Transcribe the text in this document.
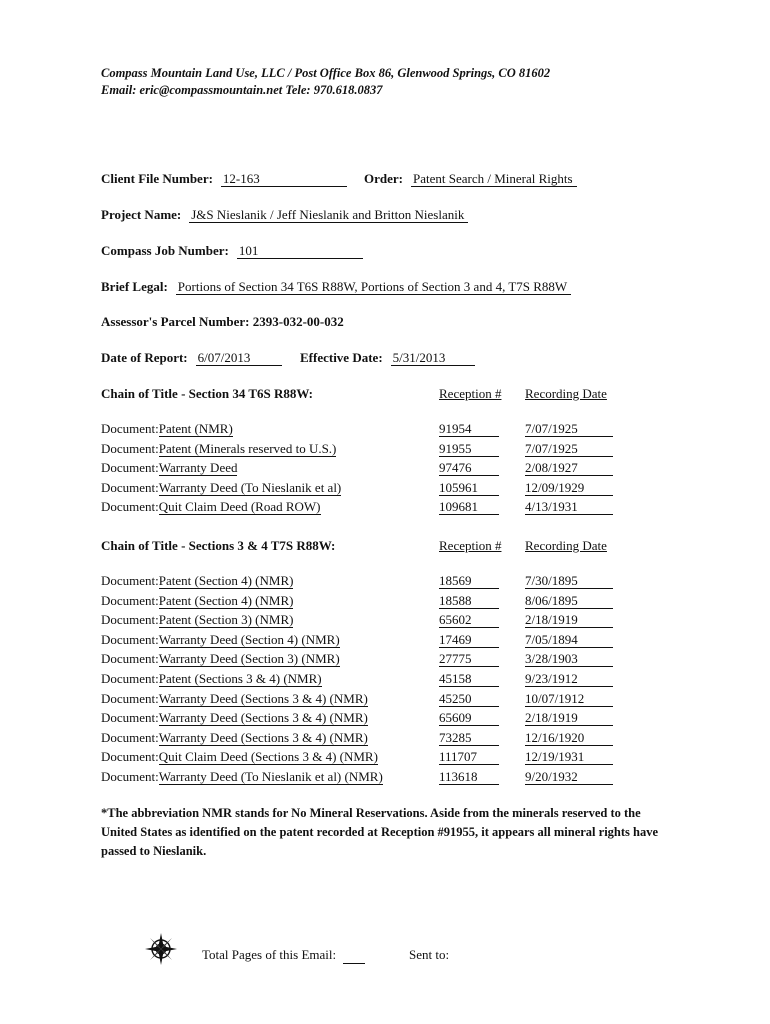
Compass Mountain Land Use, LLC / Post Office Box 86, Glenwood Springs, CO 81602
Email: eric@compassmountain.net Tele: 970.618.0837
Client File Number: 12-163	Order: Patent Search / Mineral Rights
Project Name: J&S Nieslanik / Jeff Nieslanik and Britton Nieslanik
Compass Job Number: 101
Brief Legal: Portions of Section 34 T6S R88W, Portions of Section 3 and 4, T7S R88W
Assessor's Parcel Number: 2393-032-00-032
Date of Report: 6/07/2013	Effective Date: 5/31/2013
Chain of Title - Section 34 T6S R88W:	Reception # Recording Date
Document:Patent (NMR)	91954	7/07/1925
Document:Patent (Minerals reserved to U.S.)	91955	7/07/1925
Document:Warranty Deed	97476	2/08/1927
Document:Warranty Deed (To Nieslanik et al)	105961	12/09/1929
Document:Quit Claim Deed (Road ROW)	109681	4/13/1931
Chain of Title - Sections 3 & 4 T7S R88W:	Reception # Recording Date
Document:Patent (Section 4) (NMR)	18569	7/30/1895
Document:Patent (Section 4) (NMR)	18588	8/06/1895
Document:Patent (Section 3) (NMR)	65602	2/18/1919
Document:Warranty Deed (Section 4) (NMR)	17469	7/05/1894
Document:Warranty Deed (Section 3) (NMR)	27775	3/28/1903
Document:Patent (Sections 3 & 4) (NMR)	45158	9/23/1912
Document:Warranty Deed (Sections 3 & 4) (NMR)	45250	10/07/1912
Document:Warranty Deed (Sections 3 & 4) (NMR)	65609	2/18/1919
Document:Warranty Deed (Sections 3 & 4) (NMR)	73285	12/16/1920
Document:Quit Claim Deed (Sections 3 & 4) (NMR)	111707	12/19/1931
Document:Warranty Deed (To Nieslanik et al) (NMR)	113618	9/20/1932
*The abbreviation NMR stands for No Mineral Reservations. Aside from the minerals reserved to the United States as identified on the patent recorded at Reception #91955, it appears all mineral rights have passed to Nieslanik.
Total Pages of this Email:	Sent to:
